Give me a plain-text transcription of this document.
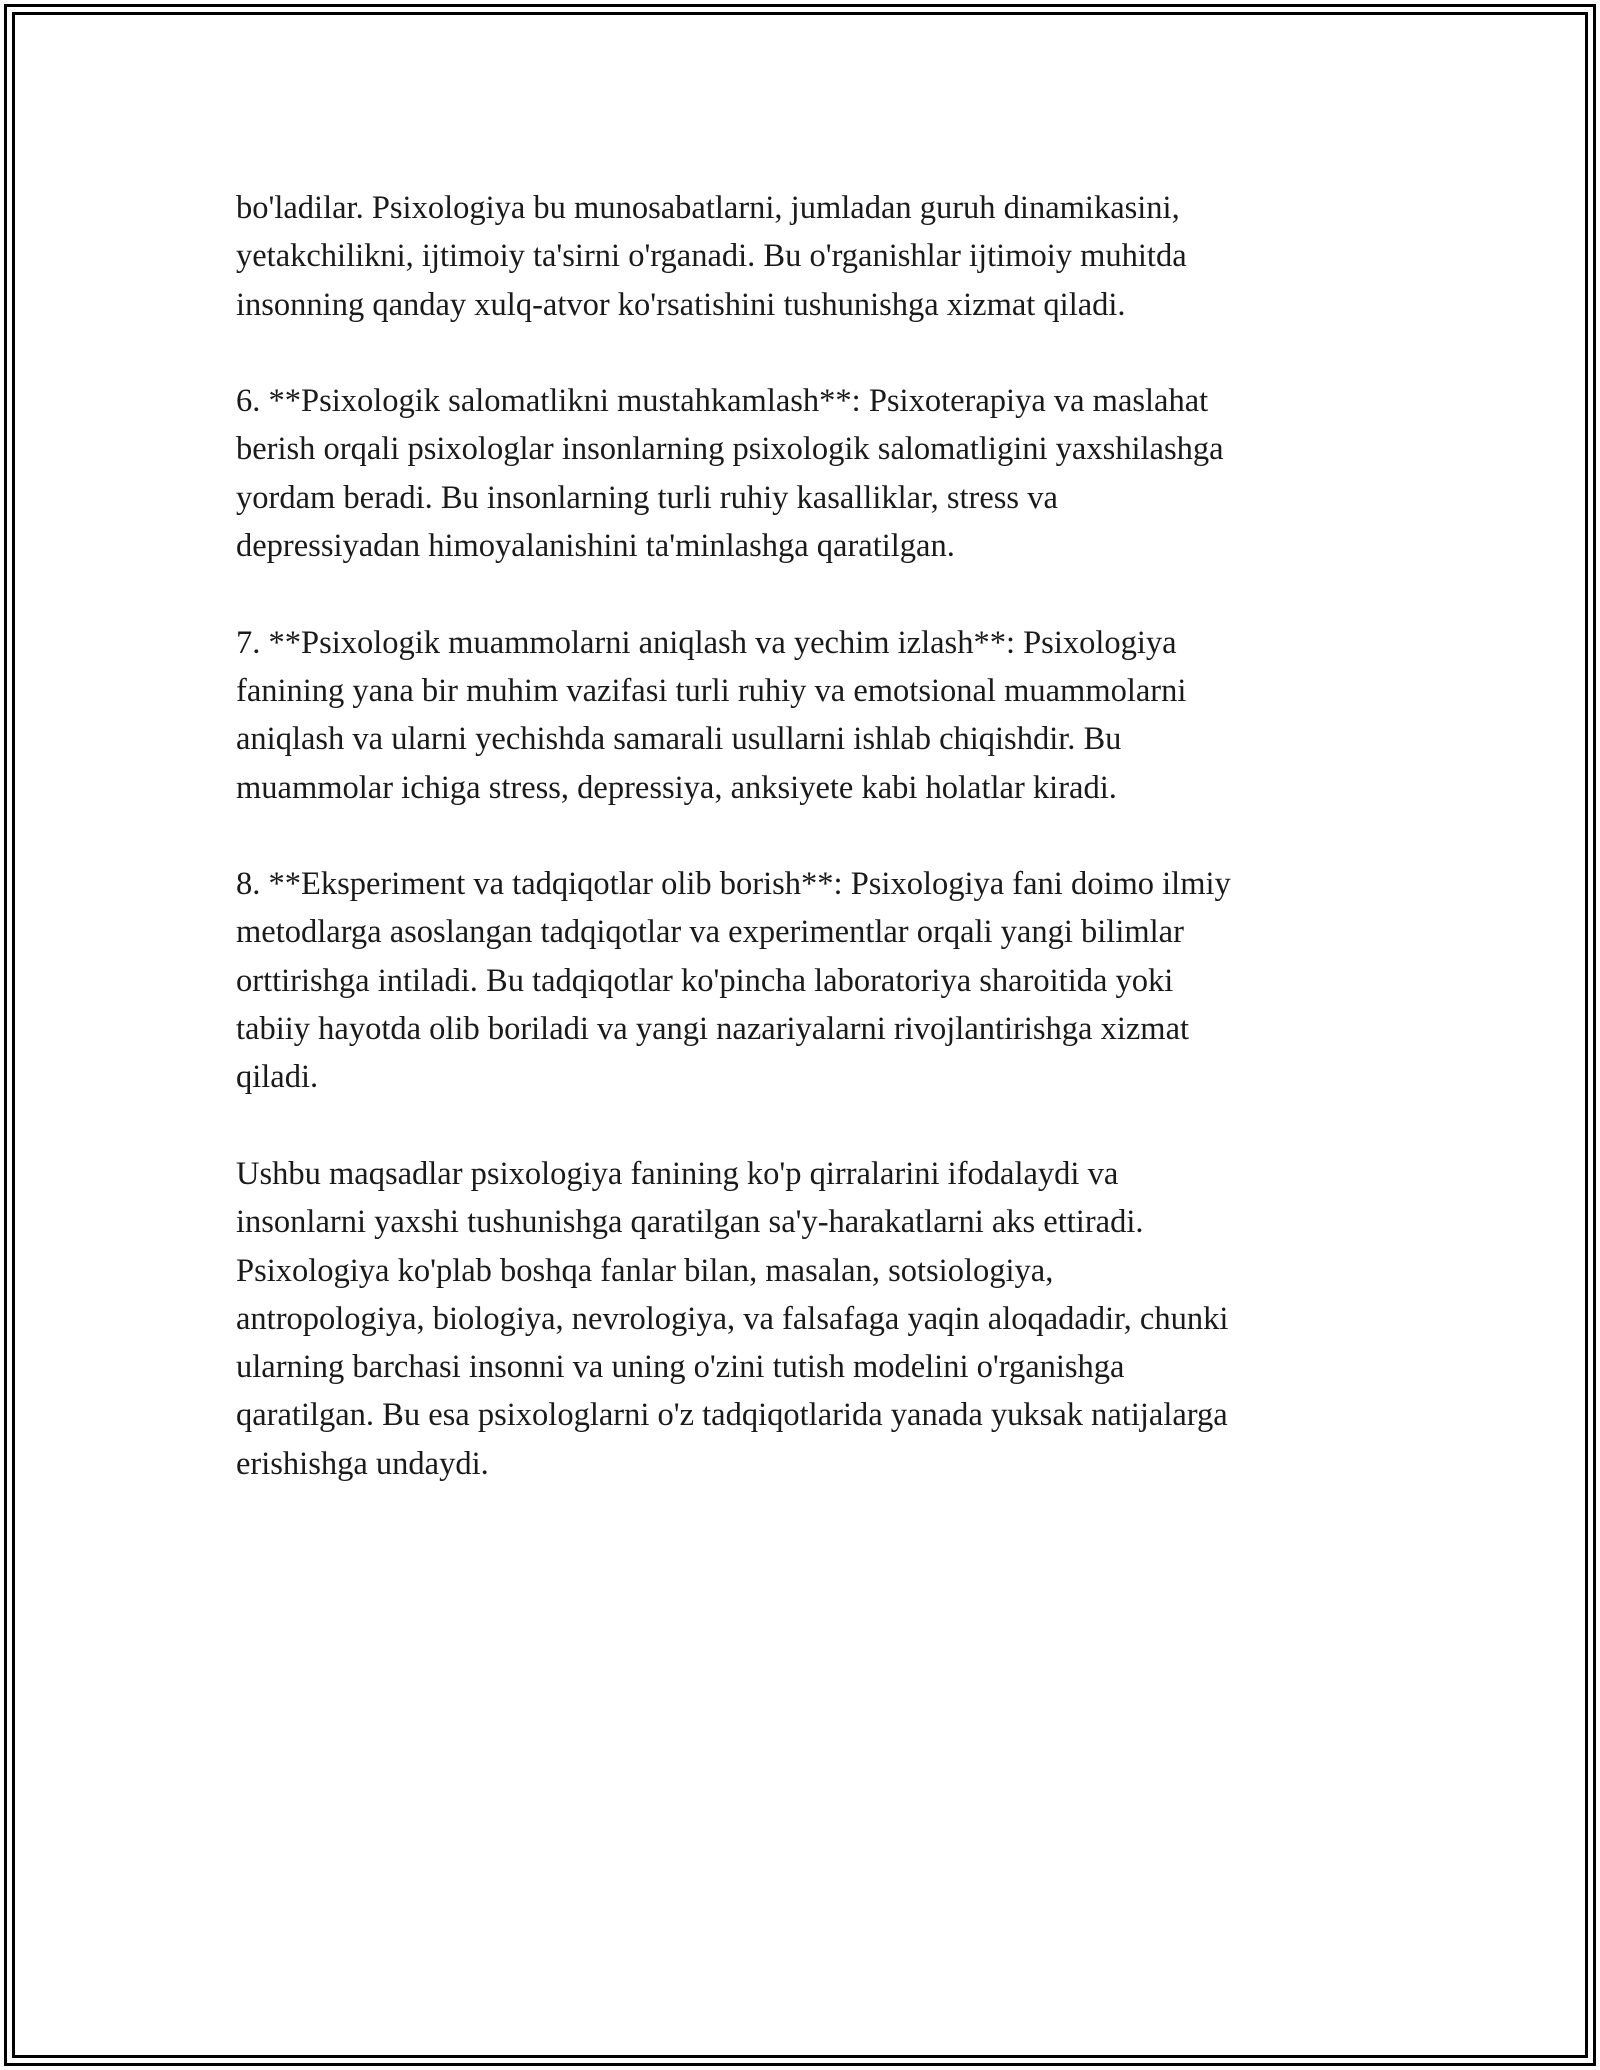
bo'ladilar. Psixologiya bu munosabatlarni, jumladan guruh dinamikasini,
yetakchilikni, ijtimoiy ta'sirni o'rganadi. Bu o'rganishlar ijtimoiy muhitda
insonning qanday xulq-atvor ko'rsatishini tushunishga xizmat qiladi.

6. **Psixologik salomatlikni mustahkamlash**: Psixoterapiya va maslahat
berish orqali psixologlar insonlarning psixologik salomatligini yaxshilashga
yordam beradi. Bu insonlarning turli ruhiy kasalliklar, stress va
depressiyadan himoyalanishini ta'minlashga qaratilgan.

7. **Psixologik muammolarni aniqlash va yechim izlash**: Psixologiya
fanining yana bir muhim vazifasi turli ruhiy va emotsional muammolarni
aniqlash va ularni yechishda samarali usullarni ishlab chiqishdir. Bu
muammolar ichiga stress, depressiya, anksiyete kabi holatlar kiradi.

8. **Eksperiment va tadqiqotlar olib borish**: Psixologiya fani doimo ilmiy
metodlarga asoslangan tadqiqotlar va experimentlar orqali yangi bilimlar
orttirishga intiladi. Bu tadqiqotlar ko'pincha laboratoriya sharoitida yoki
tabiiy hayotda olib boriladi va yangi nazariyalarni rivojlantirishga xizmat
qiladi.

Ushbu maqsadlar psixologiya fanining ko'p qirralarini ifodalaydi va
insonlarni yaxshi tushunishga qaratilgan sa'y-harakatlarni aks ettiradi.
Psixologiya ko'plab boshqa fanlar bilan, masalan, sotsiologiya,
antropologiya, biologiya, nevrologiya, va falsafaga yaqin aloqadadir, chunki
ularning barchasi insonni va uning o'zini tutish modelini o'rganishga
qaratilgan. Bu esa psixologlarni o'z tadqiqotlarida yanada yuksak natijalarga
erishishga undaydi.
